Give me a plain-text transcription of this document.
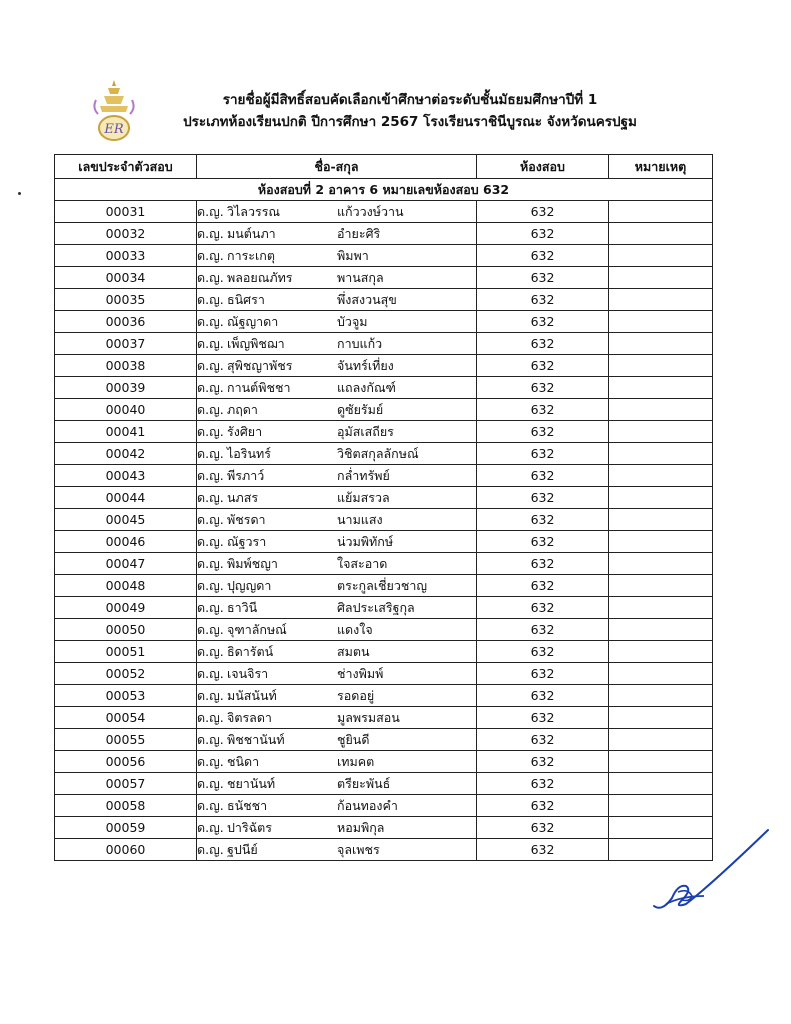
ER
รายชื่อผู้มีสิทธิ์สอบคัดเลือกเข้าศึกษาต่อระดับชั้นมัธยมศึกษาปีที่ 1
ประเภทห้องเรียนปกติ ปีการศึกษา 2567 โรงเรียนราชินีบูรณะ จังหวัดนครปฐม
เลขประจำตัวสอบ	ชื่อ-สกุล	ห้องสอบ	หมายเหตุ
ห้องสอบที่ 2 อาคาร 6 หมายเลขห้องสอบ 632			
00031	ด.ญ. วิไลวรรณ แก้ววงษ์วาน	632	
00032	ด.ญ. มนต์นภา อำยะศิริ	632	
00033	ด.ญ. การะเกตุ พิมพา	632	
00034	ด.ญ. พลอยณภัทร พานสกุล	632	
00035	ด.ญ. ธนิศรา พึ่งสงวนสุข	632	
00036	ด.ญ. ณัฐญาดา บัวจูม	632	
00037	ด.ญ. เพ็ญพิชฌา กาบแก้ว	632	
00038	ด.ญ. สุพิชญาพัชร จันทร์เที่ยง	632	
00039	ด.ญ. กานต์พิชชา แถลงกัณฑ์	632	
00040	ด.ญ. ภฤดา ดูซัยรัมย์	632	
00041	ด.ญ. รังศิยา อุมัสเสถียร	632	
00042	ด.ญ. ไอรินทร์ วิชิตสกุลลักษณ์	632	
00043	ด.ญ. พีรภาว์ กล่ำทรัพย์	632	
00044	ด.ญ. นภสร แย้มสรวล	632	
00045	ด.ญ. พัชรดา นามแสง	632	
00046	ด.ญ. ณัฐวรา น่วมพิทักษ์	632	
00047	ด.ญ. พิมพ์ชญา ใจสะอาด	632	
00048	ด.ญ. ปุญญดา ตระกูลเชี่ยวชาญ	632	
00049	ด.ญ. ธาวินี ศิลประเสริฐกุล	632	
00050	ด.ญ. จุฑาลักษณ์ แดงใจ	632	
00051	ด.ญ. ธิดารัตน์ สมตน	632	
00052	ด.ญ. เจนจิรา ช่างพิมพ์	632	
00053	ด.ญ. มนัสนันท์ รอดอยู่	632	
00054	ด.ญ. จิตรลดา มูลพรมสอน	632	
00055	ด.ญ. พิชชานันท์ ชูยินดี	632	
00056	ด.ญ. ชนิดา เทมคต	632	
00057	ด.ญ. ชยานันท์ ตรียะพันธ์	632	
00058	ด.ญ. ธนัชชา ก้อนทองคำ	632	
00059	ด.ญ. ปาริฉัตร หอมพิกุล	632	
00060	ด.ญ. ฐปนีย์ จุลเพชร	632	
